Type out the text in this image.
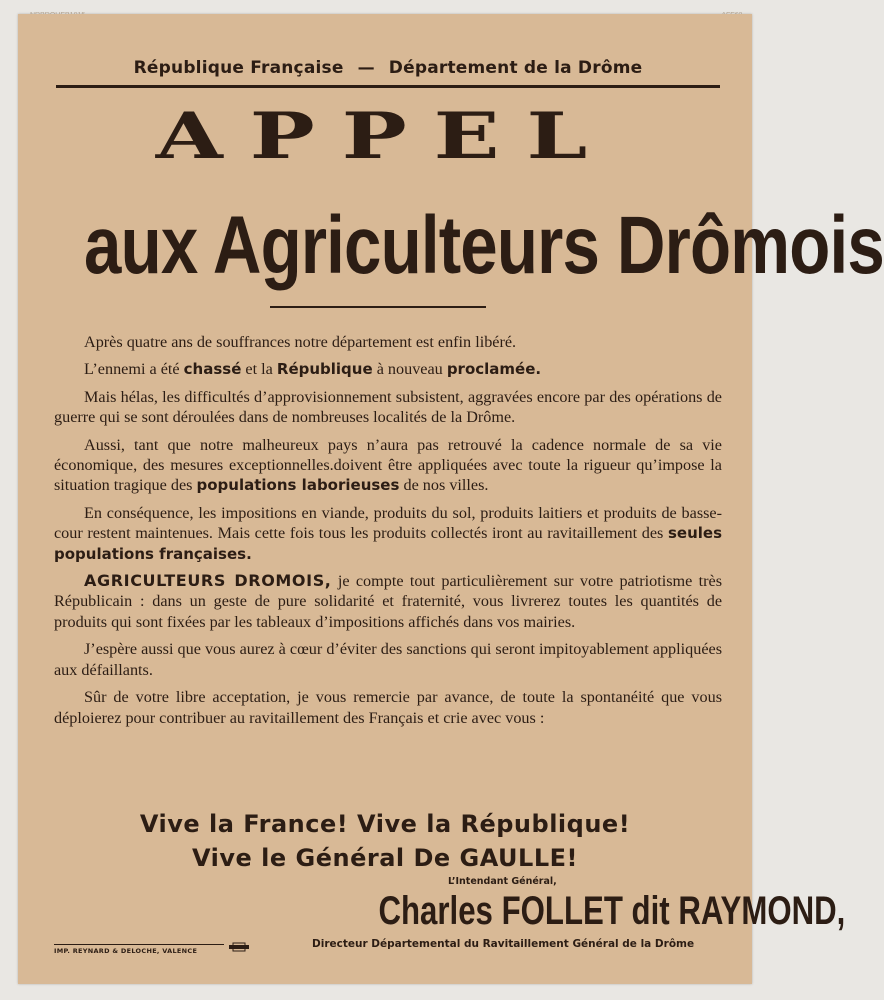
République Française — Département de la Drôme
APPEL
aux Agriculteurs Drômois

Après quatre ans de souffrances notre département est enfin libéré.

L’ennemi a été chassé et la République à nouveau proclamée.

Mais hélas, les difficultés d’approvisionnement subsistent, aggravées encore par des opérations de guerre qui se sont déroulées dans de nombreuses localités de la Drôme.

Aussi, tant que notre malheureux pays n’aura pas retrouvé la cadence normale de sa vie économique, des mesures exceptionnelles.doivent être appliquées avec toute la rigueur qu’impose la situation tragique des populations laborieuses de nos villes.

En conséquence, les impositions en viande, produits du sol, produits laitiers et produits de basse-cour restent maintenues. Mais cette fois tous les produits collectés iront au ravitaillement des seules populations françaises.

AGRICULTEURS DROMOIS, je compte tout particulièrement sur votre patriotisme très Républicain : dans un geste de pure solidarité et fraternité, vous livrerez toutes les quantités de produits qui sont fixées par les tableaux d’impositions affichés dans vos mairies.

J’espère aussi que vous aurez à cœur d’éviter des sanctions qui seront impitoyablement appliquées aux défaillants.

Sûr de votre libre acceptation, je vous remercie par avance, de toute la spontanéité que vous déploierez pour contribuer au ravitaillement des Français et crie avec vous :

Vive la France! Vive la République!
Vive le Général De GAULLE!
L’Intendant Général,
Charles FOLLET dit RAYMOND,
Directeur Départemental du Ravitaillement Général de la Drôme
IMP. REYNARD & DELOCHE, VALENCE
